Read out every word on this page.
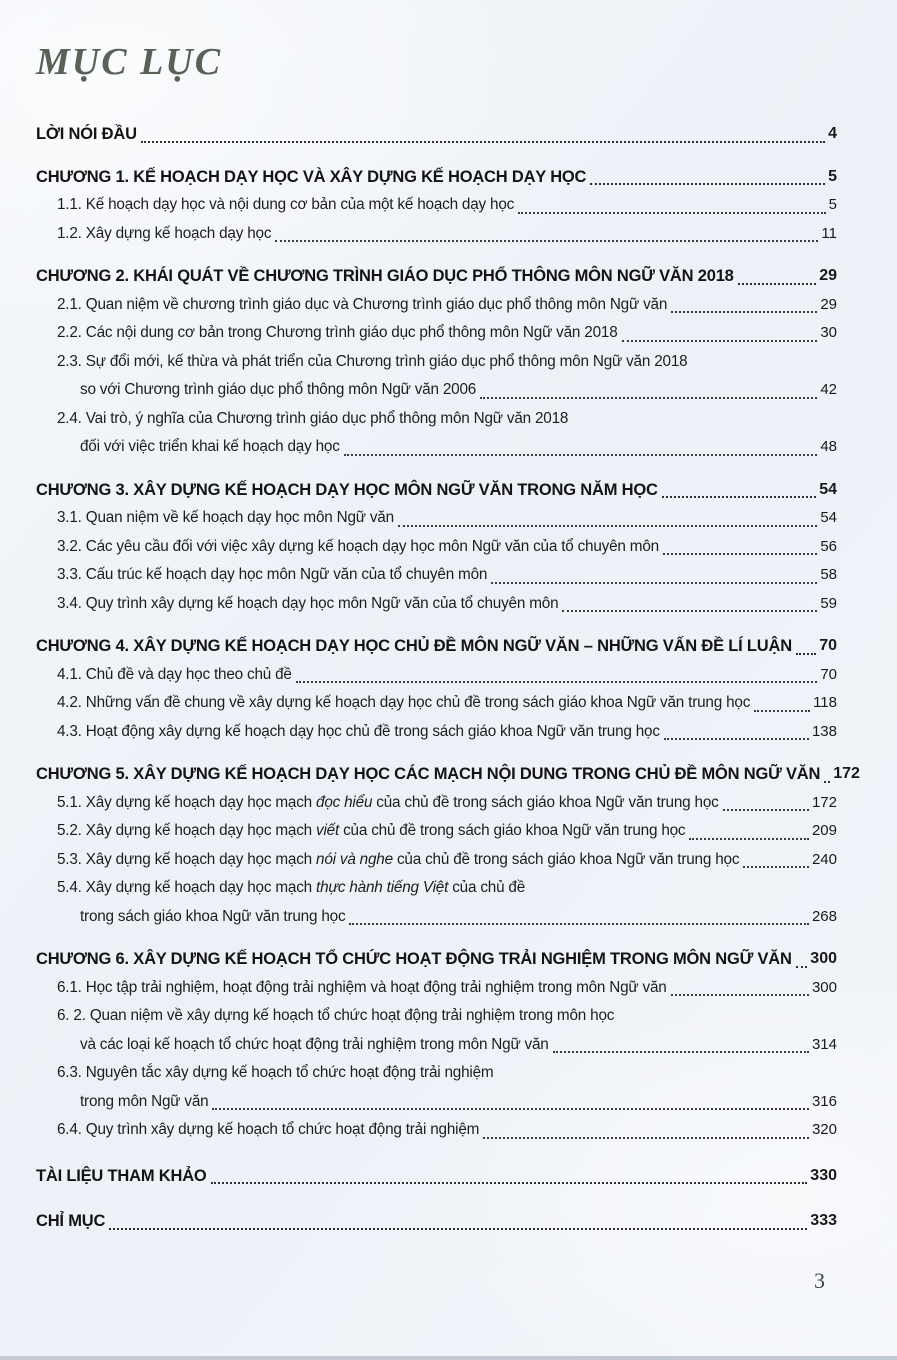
MỤC LỤC
LỜI NÓI ĐẦU	4
CHƯƠNG 1. KẾ HOẠCH DẠY HỌC VÀ XÂY DỰNG KẾ HOẠCH DẠY HỌC	5
1.1. Kế hoạch dạy học và nội dung cơ bản của một kế hoạch dạy học	5
1.2. Xây dựng kế hoạch dạy học	11
CHƯƠNG 2. KHÁI QUÁT VỀ CHƯƠNG TRÌNH GIÁO DỤC PHỔ THÔNG MÔN NGỮ VĂN 2018	29
2.1. Quan niệm về chương trình giáo dục và Chương trình giáo dục phổ thông môn Ngữ văn	29
2.2. Các nội dung cơ bản trong Chương trình giáo dục phổ thông môn Ngữ văn 2018	30
2.3. Sự đổi mới, kế thừa và phát triển của Chương trình giáo dục phổ thông môn Ngữ văn 2018
so với Chương trình giáo dục phổ thông môn Ngữ văn 2006	42
2.4. Vai trò, ý nghĩa của Chương trình giáo dục phổ thông môn Ngữ văn 2018
đối với việc triển khai kế hoạch dạy học	48
CHƯƠNG 3. XÂY DỰNG KẾ HOẠCH DẠY HỌC MÔN NGỮ VĂN TRONG NĂM HỌC	54
3.1. Quan niệm về kế hoạch dạy học môn Ngữ văn	54
3.2. Các yêu cầu đối với việc xây dựng kế hoạch dạy học môn Ngữ văn của tổ chuyên môn	56
3.3. Cấu trúc kế hoạch dạy học môn Ngữ văn của tổ chuyên môn	58
3.4. Quy trình xây dựng kế hoạch dạy học môn Ngữ văn của tổ chuyên môn	59
CHƯƠNG 4. XÂY DỰNG KẾ HOẠCH DẠY HỌC CHỦ ĐỀ MÔN NGỮ VĂN – NHỮNG VẤN ĐỀ LÍ LUẬN 70
4.1. Chủ đề và dạy học theo chủ đề	70
4.2. Những vấn đề chung về xây dựng kế hoạch dạy học chủ đề trong sách giáo khoa Ngữ văn trung học	118
4.3. Hoạt động xây dựng kế hoạch dạy học chủ đề trong sách giáo khoa Ngữ văn trung học	138
CHƯƠNG 5. XÂY DỰNG KẾ HOẠCH DẠY HỌC CÁC MẠCH NỘI DUNG TRONG CHỦ ĐỀ MÔN NGỮ VĂN 172
5.1. Xây dựng kế hoạch dạy học mạch đọc hiểu của chủ đề trong sách giáo khoa Ngữ văn trung học	172
5.2. Xây dựng kế hoạch dạy học mạch viết của chủ đề trong sách giáo khoa Ngữ văn trung học	209
5.3. Xây dựng kế hoạch dạy học mạch nói và nghe của chủ đề trong sách giáo khoa Ngữ văn trung học	240
5.4. Xây dựng kế hoạch dạy học mạch thực hành tiếng Việt của chủ đề
trong sách giáo khoa Ngữ văn trung học	268
CHƯƠNG 6. XÂY DỰNG KẾ HOẠCH TỔ CHỨC HOẠT ĐỘNG TRẢI NGHIỆM TRONG MÔN NGỮ VĂN 300
6.1. Học tập trải nghiệm, hoạt động trải nghiệm và hoạt động trải nghiệm trong môn Ngữ văn	300
6. 2. Quan niệm về xây dựng kế hoạch tổ chức hoạt động trải nghiệm trong môn học
và các loại kế hoạch tổ chức hoạt động trải nghiệm trong môn Ngữ văn	314
6.3. Nguyên tắc xây dựng kế hoạch tổ chức hoạt động trải nghiệm
trong môn Ngữ văn	316
6.4. Quy trình xây dựng kế hoạch tổ chức hoạt động trải nghiệm	320
TÀI LIỆU THAM KHẢO	330
CHỈ MỤC	333
3
